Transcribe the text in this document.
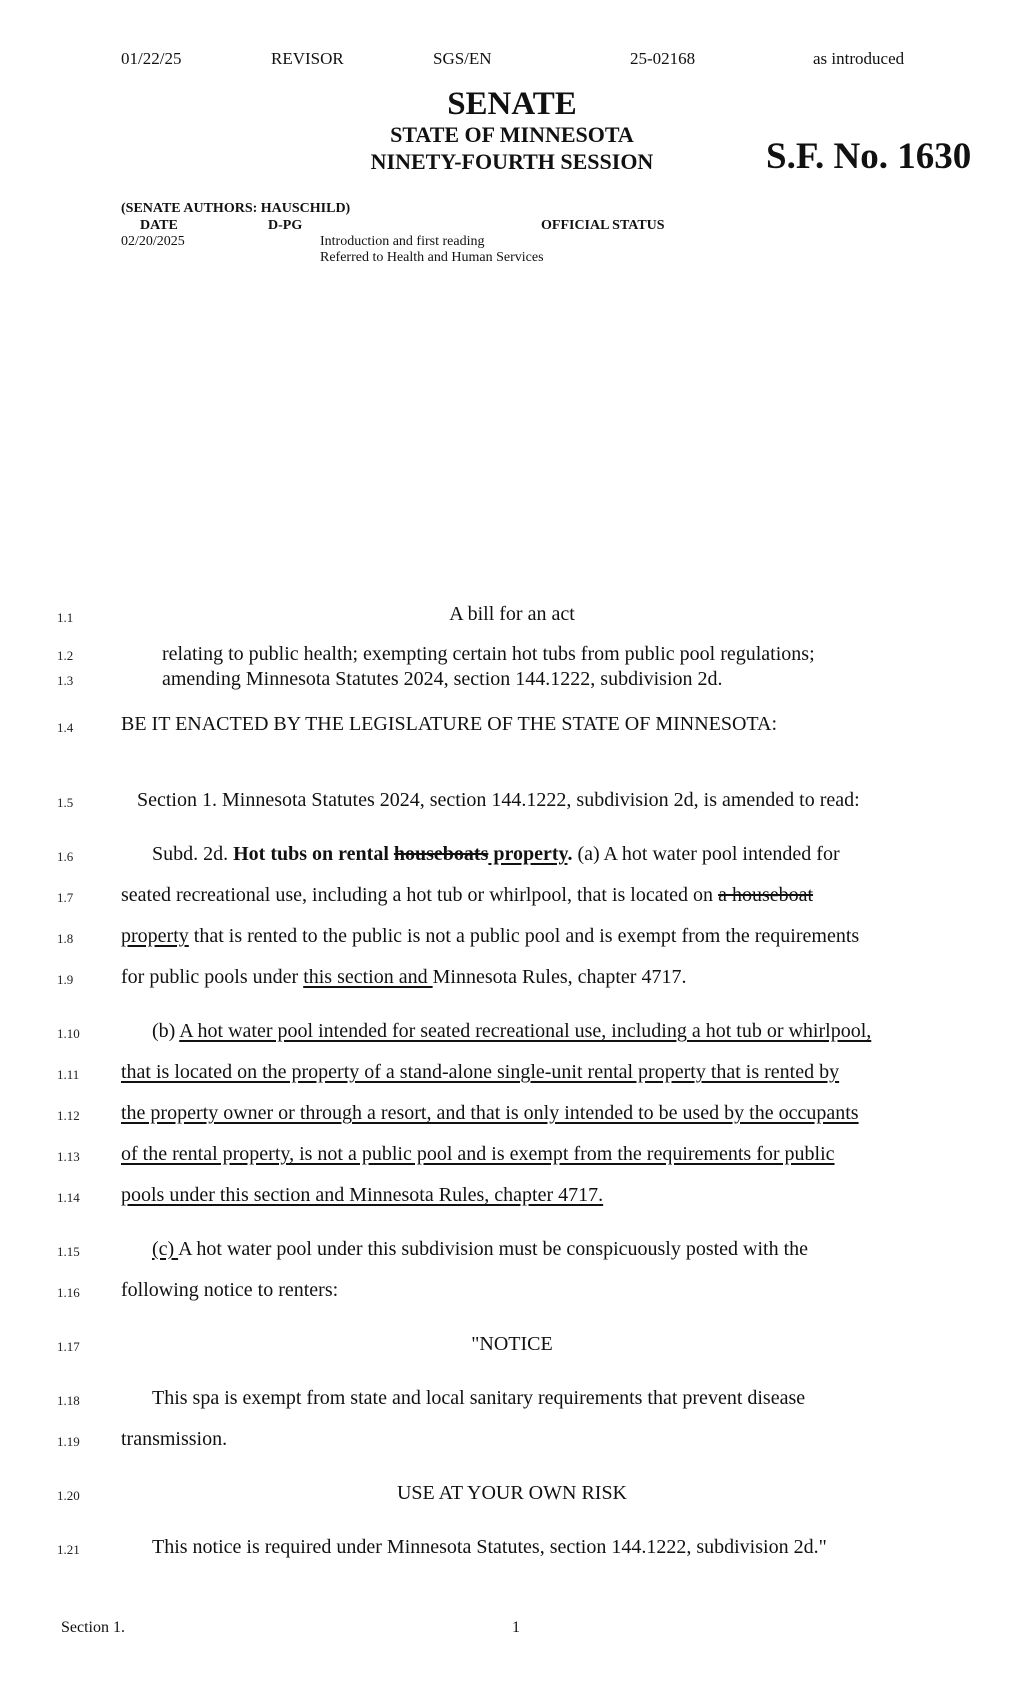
01/22/25	REVISOR	SGS/EN	25-02168	as introduced
SENATE
STATE OF MINNESOTA
NINETY-FOURTH SESSION	S.F. No. 1630
(SENATE AUTHORS: HAUSCHILD)
DATE	D-PG	OFFICIAL STATUS
02/20/2025	Introduction and first reading
Referred to Health and Human Services
1.1
1.2
1.3
1.4
1.5
1.6
1.7
1.8
1.9
1.10
1.11
1.12
1.13
1.14
1.15
1.16
1.17
1.18
1.19
1.20
1.21
A bill for an act
relating to public health; exempting certain hot tubs from public pool regulations;
amending Minnesota Statutes 2024, section 144.1222, subdivision 2d.
BE IT ENACTED BY THE LEGISLATURE OF THE STATE OF MINNESOTA:
Section 1. Minnesota Statutes 2024, section 144.1222, subdivision 2d, is amended to read:
Subd. 2d. Hot tubs on rental houseboats property. (a) A hot water pool intended for
seated recreational use, including a hot tub or whirlpool, that is located on a houseboat
property that is rented to the public is not a public pool and is exempt from the requirements
for public pools under this section and Minnesota Rules, chapter 4717.
(b) A hot water pool intended for seated recreational use, including a hot tub or whirlpool,
that is located on the property of a stand-alone single-unit rental property that is rented by
the property owner or through a resort, and that is only intended to be used by the occupants
of the rental property, is not a public pool and is exempt from the requirements for public
pools under this section and Minnesota Rules, chapter 4717.
(c) A hot water pool under this subdivision must be conspicuously posted with the
following notice to renters:
"NOTICE
This spa is exempt from state and local sanitary requirements that prevent disease
transmission.
USE AT YOUR OWN RISK
This notice is required under Minnesota Statutes, section 144.1222, subdivision 2d."
Section 1.	1
